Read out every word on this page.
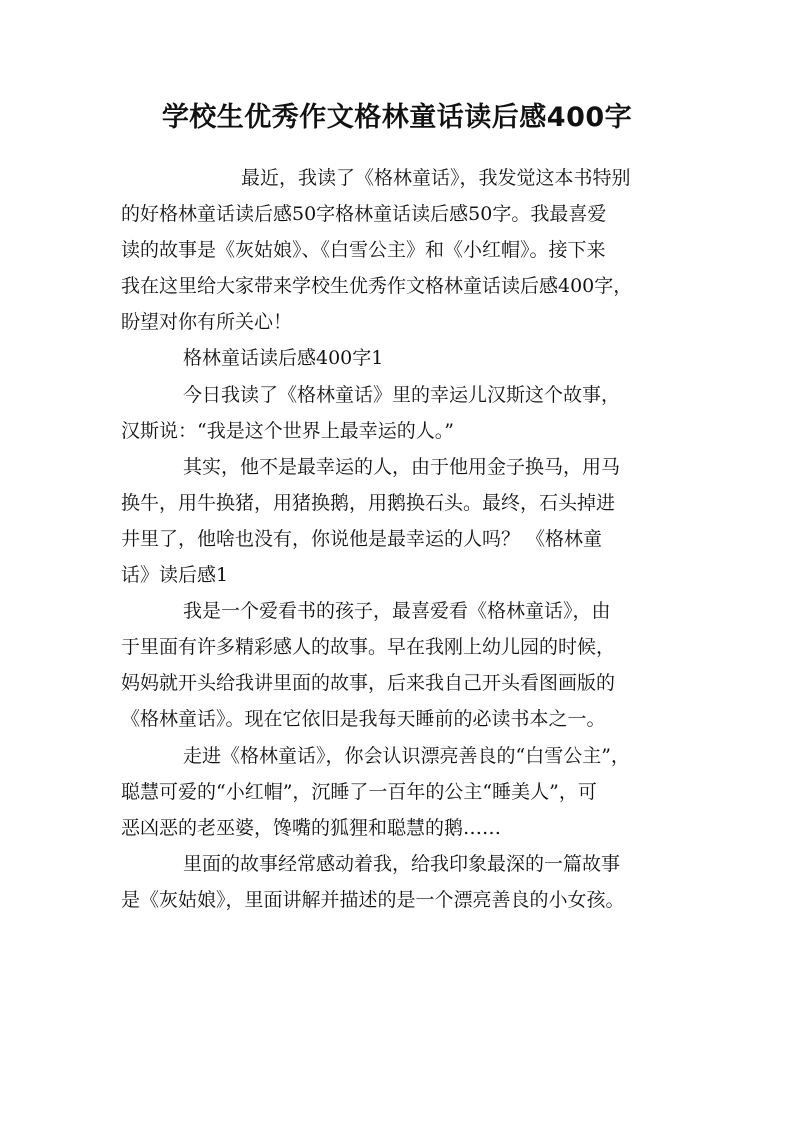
学校生优秀作文格林童话读后感400字
最近，我读了《格林童话》，我发觉这本书特别
的好格林童话读后感50字格林童话读后感50字。我最喜爱
读的故事是《灰姑娘》、《白雪公主》和《小红帽》。接下来
我在这里给大家带来学校生优秀作文格林童话读后感400字，
盼望对你有所关心！
格林童话读后感400字1
今日我读了《格林童话》里的幸运儿汉斯这个故事，
汉斯说：“我是这个世界上最幸运的人。”
其实，他不是最幸运的人，由于他用金子换马，用马
换牛，用牛换猪，用猪换鹅，用鹅换石头。最终，石头掉进
井里了，他啥也没有，你说他是最幸运的人吗？ 《格林童
话》读后感1
我是一个爱看书的孩子，最喜爱看《格林童话》，由
于里面有许多精彩感人的故事。早在我刚上幼儿园的时候，
妈妈就开头给我讲里面的故事，后来我自己开头看图画版的
《格林童话》。现在它依旧是我每天睡前的必读书本之一。
走进《格林童话》，你会认识漂亮善良的“白雪公主”，
聪慧可爱的“小红帽”，沉睡了一百年的公主“睡美人”，可
恶凶恶的老巫婆，馋嘴的狐狸和聪慧的鹅……
里面的故事经常感动着我，给我印象最深的一篇故事
是《灰姑娘》，里面讲解并描述的是一个漂亮善良的小女孩。
